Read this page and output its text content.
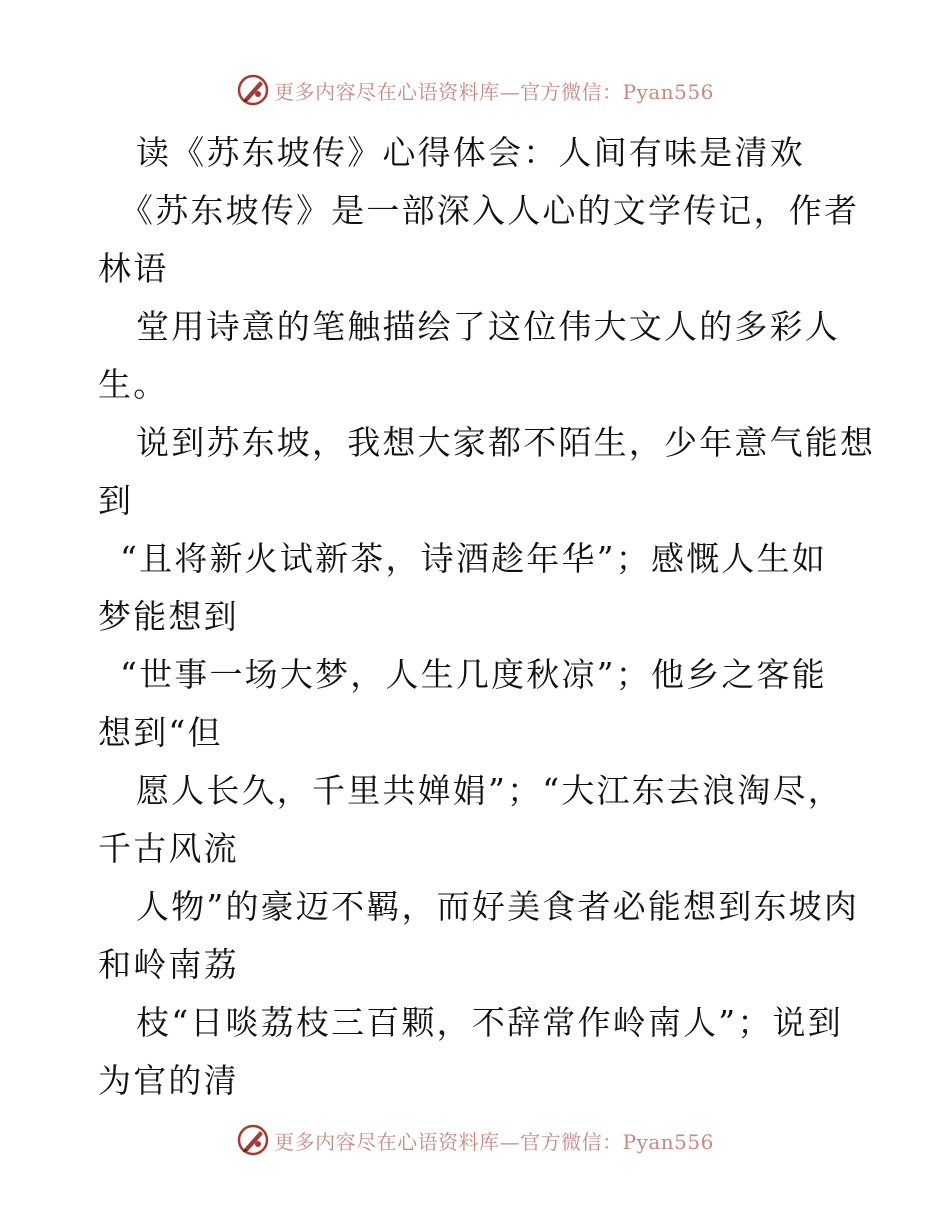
更多内容尽在心语资料库—官方微信：Pyan556
读《苏东坡传》心得体会：人间有味是清欢
《苏东坡传》是一部深入人心的文学传记，作者
林语
堂用诗意的笔触描绘了这位伟大文人的多彩人
生。
说到苏东坡，我想大家都不陌生，少年意气能想
到
“且将新火试新茶，诗酒趁年华”；感慨人生如
梦能想到
“世事一场大梦，人生几度秋凉”；他乡之客能
想到“但
愿人长久，千里共婵娟”；“大江东去浪淘尽，
千古风流
人物”的豪迈不羁，而好美食者必能想到东坡肉
和岭南荔
枝“日啖荔枝三百颗，不辞常作岭南人”；说到
为官的清
更多内容尽在心语资料库—官方微信：Pyan556
